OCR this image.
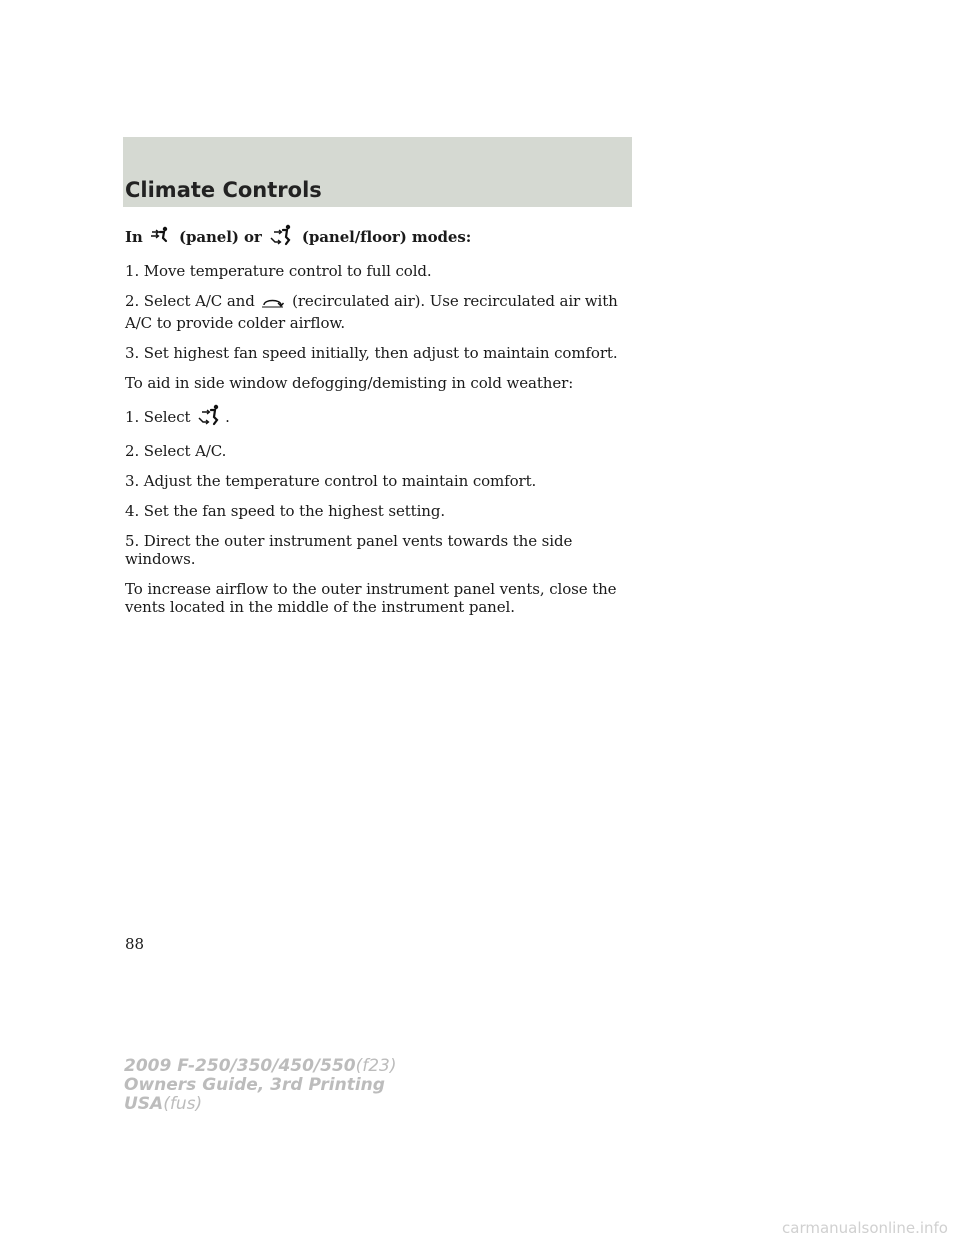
Climate Controls

In (panel) or	(panel/floor) modes:

1. Move temperature control to full cold.

2. Select A/C and (recirculated air). Use recirculated air with A/C to provide colder airflow.

3. Set highest fan speed initially, then adjust to maintain comfort.

To aid in side window defogging/demisting in cold weather:

1. Select .

2. Select A/C.

3. Adjust the temperature control to maintain comfort.

4. Set the fan speed to the highest setting.

5. Direct the outer instrument panel vents towards the side windows.

To increase airflow to the outer instrument panel vents, close the vents located in the middle of the instrument panel.

88

2009 F-250/350/450/550(f23)
Owners Guide, 3rd Printing
USA(fus)
carmanualsonline.info
